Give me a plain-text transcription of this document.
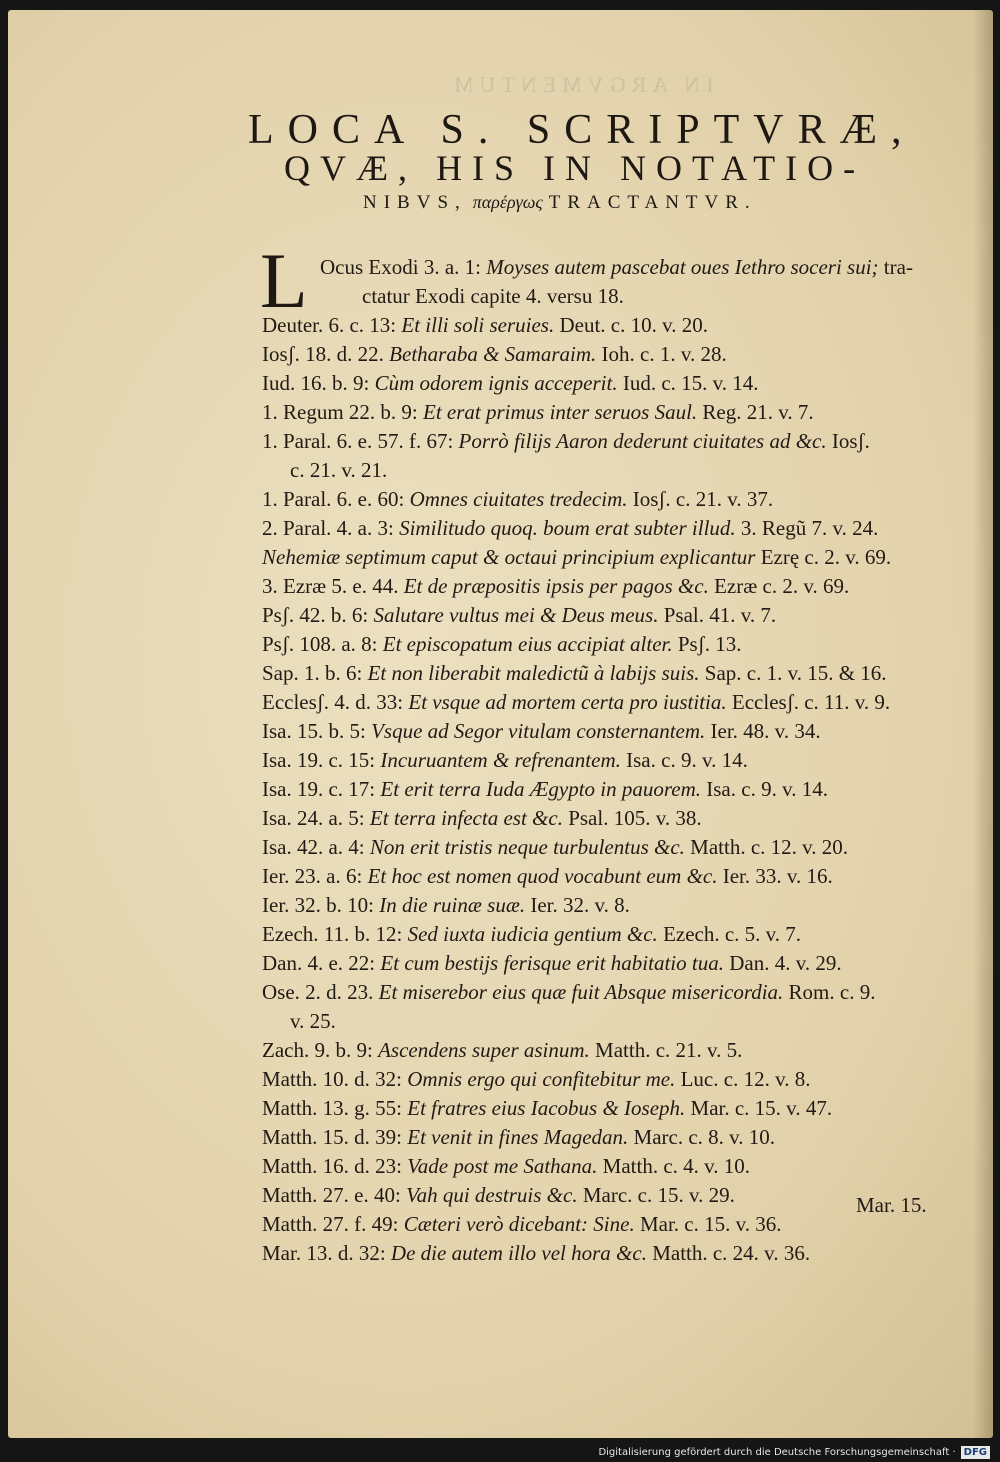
IN ARGVMENTUM
LOCA S. SCRIPTVRÆ,
QVÆ, HIS IN NOTATIO-
NIBVS, παρέργως TRACTANTVR.
L Ocus Exodi 3. a. 1: Moyses autem pascebat oues Iethro soceri sui; tra-
ctatur Exodi capite 4. versu 18.
Deuter. 6. c. 13: Et illi soli seruies. Deut. c. 10. v. 20.
Iosʃ. 18. d. 22. Betharaba & Samaraim. Ioh. c. 1. v. 28.
Iud. 16. b. 9: Cùm odorem ignis acceperit. Iud. c. 15. v. 14.
1. Regum 22. b. 9: Et erat primus inter seruos Saul. Reg. 21. v. 7.
1. Paral. 6. e. 57. f. 67: Porrò filijs Aaron dederunt ciuitates ad &c. Iosʃ.
c. 21. v. 21.
1. Paral. 6. e. 60: Omnes ciuitates tredecim. Iosʃ. c. 21. v. 37.
2. Paral. 4. a. 3: Similitudo quoq. boum erat subter illud. 3. Regũ 7. v. 24.
Nehemiæ septimum caput & octaui principium explicantur Ezrę c. 2. v. 69.
3. Ezræ 5. e. 44. Et de præpositis ipsis per pagos &c. Ezræ c. 2. v. 69.
Psʃ. 42. b. 6: Salutare vultus mei & Deus meus. Psal. 41. v. 7.
Psʃ. 108. a. 8: Et episcopatum eius accipiat alter. Psʃ. 13.
Sap. 1. b. 6: Et non liberabit maledictũ à labijs suis. Sap. c. 1. v. 15. & 16.
Ecclesʃ. 4. d. 33: Et vsque ad mortem certa pro iustitia. Ecclesʃ. c. 11. v. 9.
Isa. 15. b. 5: Vsque ad Segor vitulam consternantem. Ier. 48. v. 34.
Isa. 19. c. 15: Incuruantem & refrenantem. Isa. c. 9. v. 14.
Isa. 19. c. 17: Et erit terra Iuda Ægypto in pauorem. Isa. c. 9. v. 14.
Isa. 24. a. 5: Et terra infecta est &c. Psal. 105. v. 38.
Isa. 42. a. 4: Non erit tristis neque turbulentus &c. Matth. c. 12. v. 20.
Ier. 23. a. 6: Et hoc est nomen quod vocabunt eum &c. Ier. 33. v. 16.
Ier. 32. b. 10: In die ruinæ suæ. Ier. 32. v. 8.
Ezech. 11. b. 12: Sed iuxta iudicia gentium &c. Ezech. c. 5. v. 7.
Dan. 4. e. 22: Et cum bestijs ferisque erit habitatio tua. Dan. 4. v. 29.
Ose. 2. d. 23. Et miserebor eius quæ fuit Absque misericordia. Rom. c. 9.
v. 25.
Zach. 9. b. 9: Ascendens super asinum. Matth. c. 21. v. 5.
Matth. 10. d. 32: Omnis ergo qui confitebitur me. Luc. c. 12. v. 8.
Matth. 13. g. 55: Et fratres eius Iacobus & Ioseph. Mar. c. 15. v. 47.
Matth. 15. d. 39: Et venit in fines Magedan. Marc. c. 8. v. 10.
Matth. 16. d. 23: Vade post me Sathana. Matth. c. 4. v. 10.
Matth. 27. e. 40: Vah qui destruis &c. Marc. c. 15. v. 29.
Matth. 27. f. 49: Cæteri verò dicebant: Sine. Mar. c. 15. v. 36.
Mar. 13. d. 32: De die autem illo vel hora &c. Matth. c. 24. v. 36.
Mar. 15.
Digitalisierung gefördert durch die Deutsche Forschungsgemeinschaft · DFG
